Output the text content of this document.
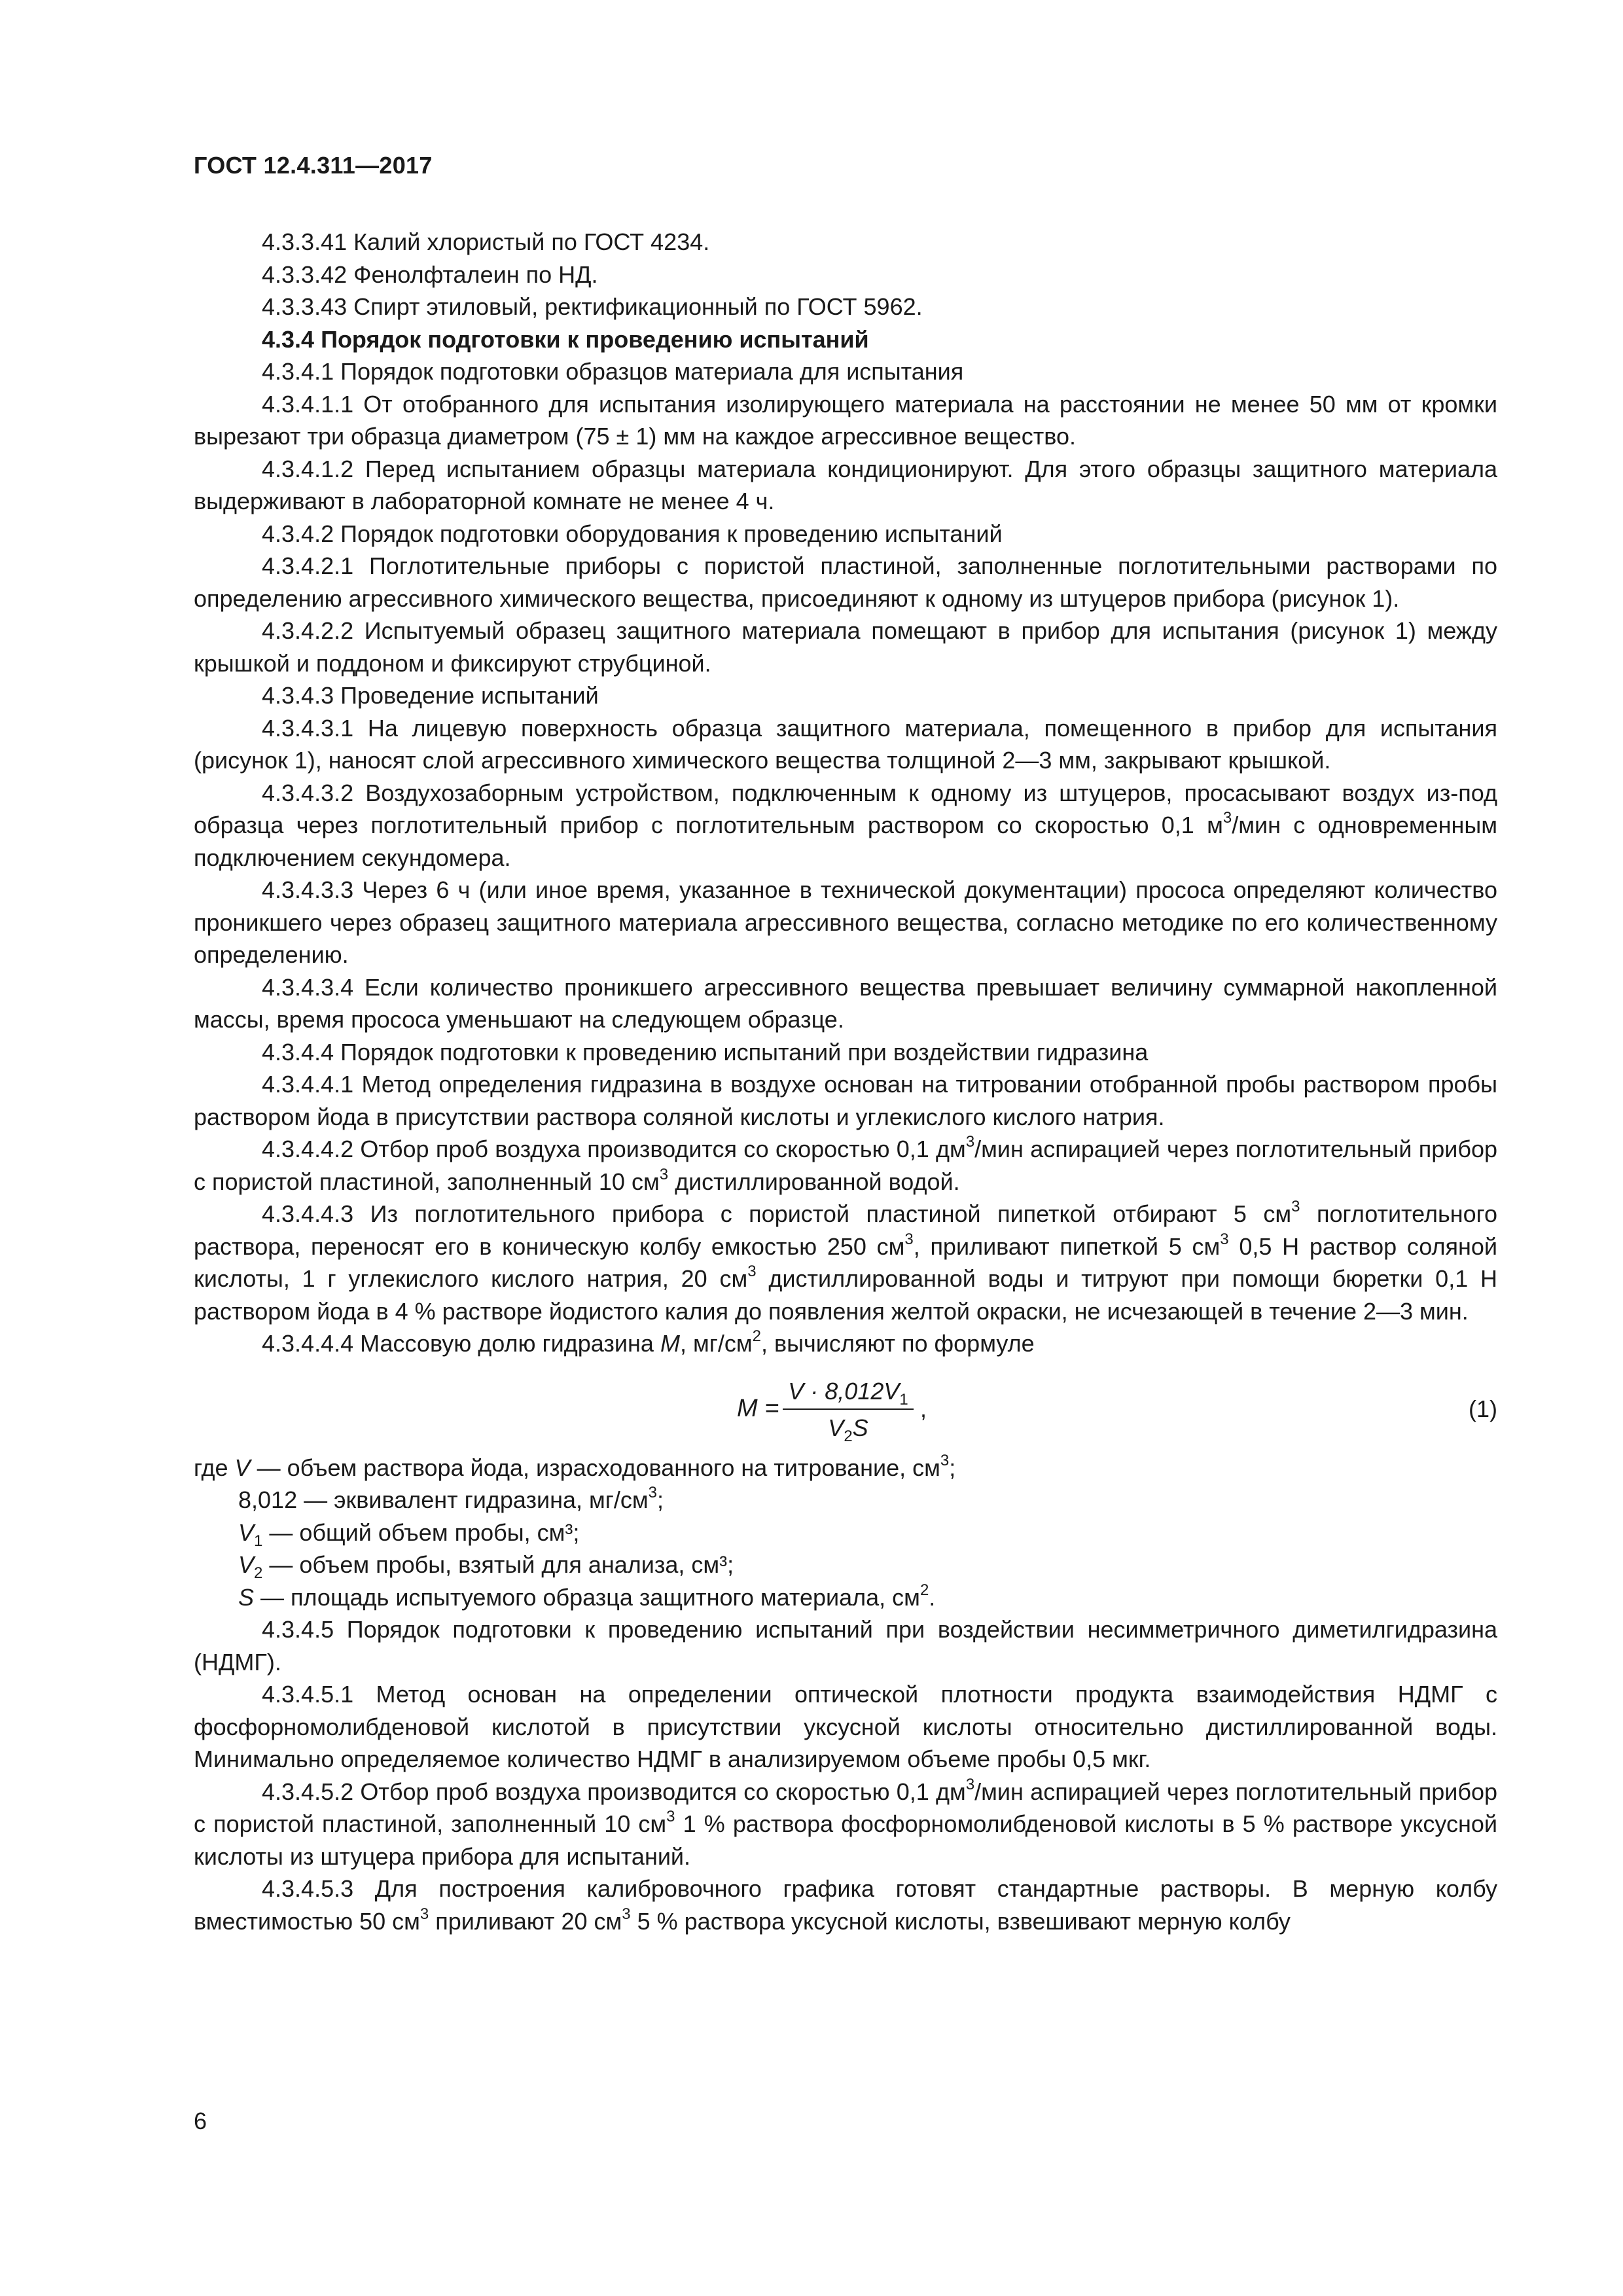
ГОСТ 12.4.311—2017

4.3.3.41 Калий хлористый по ГОСТ 4234.

4.3.3.42 Фенолфталеин по НД.

4.3.3.43 Спирт этиловый, ректификационный по ГОСТ 5962.

4.3.4 Порядок подготовки к проведению испытаний

4.3.4.1 Порядок подготовки образцов материала для испытания

4.3.4.1.1 От отобранного для испытания изолирующего материала на расстоянии не менее 50 мм от кромки вырезают три образца диаметром (75 ± 1) мм на каждое агрессивное вещество.

4.3.4.1.2 Перед испытанием образцы материала кондиционируют. Для этого образцы защитного материала выдерживают в лабораторной комнате не менее 4 ч.

4.3.4.2 Порядок подготовки оборудования к проведению испытаний

4.3.4.2.1 Поглотительные приборы с пористой пластиной, заполненные поглотительными растворами по определению агрессивного химического вещества, присоединяют к одному из штуцеров прибора (рисунок 1).

4.3.4.2.2 Испытуемый образец защитного материала помещают в прибор для испытания (рисунок 1) между крышкой и поддоном и фиксируют струбциной.

4.3.4.3 Проведение испытаний

4.3.4.3.1 На лицевую поверхность образца защитного материала, помещенного в прибор для испытания (рисунок 1), наносят слой агрессивного химического вещества толщиной 2—3 мм, закрывают крышкой.

4.3.4.3.2 Воздухозаборным устройством, подключенным к одному из штуцеров, просасывают воздух из-под образца через поглотительный прибор с поглотительным раствором со скоростью 0,1 $м^3$/мин с одновременным подключением секундомера.

4.3.4.3.3 Через 6 ч (или иное время, указанное в технической документации) прососа определяют количество проникшего через образец защитного материала агрессивного вещества, согласно методике по его количественному определению.

4.3.4.3.4 Если количество проникшего агрессивного вещества превышает величину суммарной накопленной массы, время прососа уменьшают на следующем образце.

4.3.4.4 Порядок подготовки к проведению испытаний при воздействии гидразина

4.3.4.4.1 Метод определения гидразина в воздухе основан на титровании отобранной пробы раствором пробы раствором йода в присутствии раствора соляной кислоты и углекислого кислого натрия.

4.3.4.4.2 Отбор проб воздуха производится со скоростью 0,1 $дм^3$/мин аспирацией через поглотительный прибор с пористой пластиной, заполненный 10 $см^3$ дистиллированной водой.

4.3.4.4.3 Из поглотительного прибора с пористой пластиной пипеткой отбирают 5 $см^3$ поглотительного раствора, переносят его в коническую колбу емкостью 250 $см^3$, приливают пипеткой 5 $см^3$ 0,5 Н раствор соляной кислоты, 1 г углекислого кислого натрия, 20 $см^3$ дистиллированной воды и титруют при помощи бюретки 0,1 Н раствором йода в 4 % растворе йодистого калия до появления желтой окраски, не исчезающей в течение 2—3 мин.

4.3.4.4.4 Массовую долю гидразина M, $мг/см^2$, вычисляют по формуле

M =
$V \cdot 8,012V_1$
$V_2S$
,	(1)

где V — объем раствора йода, израсходованного на титрование, $см^3$;

8,012 — эквивалент гидразина, $мг/см^3$;

$V_1$ — общий объем пробы, см³;

$V_2$ — объем пробы, взятый для анализа, см³;

S — площадь испытуемого образца защитного материала, $см^2$.

4.3.4.5 Порядок подготовки к проведению испытаний при воздействии несимметричного диметилгидразина (НДМГ).

4.3.4.5.1 Метод основан на определении оптической плотности продукта взаимодействия НДМГ с фосфорномолибденовой кислотой в присутствии уксусной кислоты относительно дистиллированной воды. Минимально определяемое количество НДМГ в анализируемом объеме пробы 0,5 мкг.

4.3.4.5.2 Отбор проб воздуха производится со скоростью 0,1 $дм^3$/мин аспирацией через поглотительный прибор с пористой пластиной, заполненный 10 $см^3$ 1 % раствора фосфорномолибденовой кислоты в 5 % растворе уксусной кислоты из штуцера прибора для испытаний.

4.3.4.5.3 Для построения калибровочного графика готовят стандартные растворы. В мерную колбу вместимостью 50 $см^3$ приливают 20 $см^3$ 5 % раствора уксусной кислоты, взвешивают мерную колбу

6
